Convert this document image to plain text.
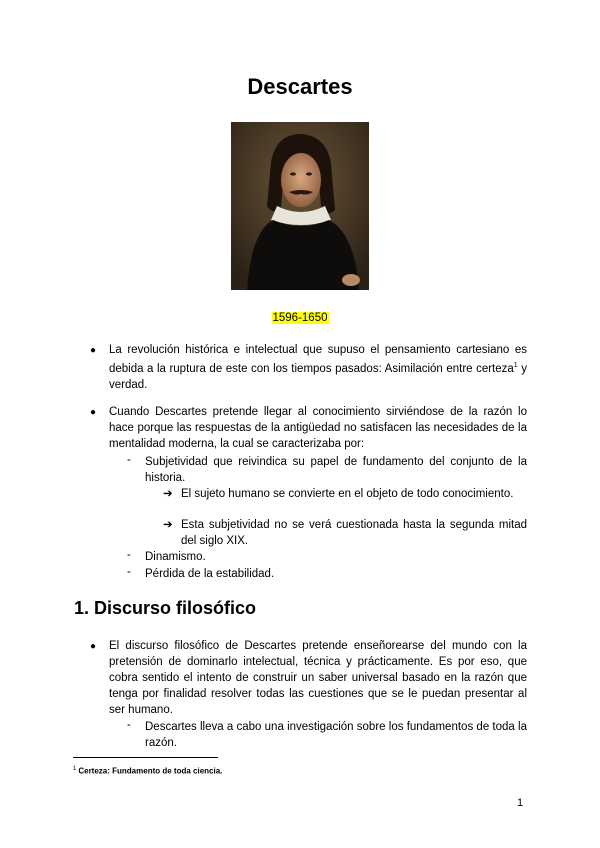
Descartes
1596-1650
● La revolución histórica e intelectual que supuso el pensamiento cartesiano es debida a la ruptura de este con los tiempos pasados: Asimilación entre certeza$^1$ y verdad.
● Cuando Descartes pretende llegar al conocimiento sirviéndose de la razón lo hace porque las respuestas de la antigüedad no satisfacen las necesidades de la mentalidad moderna, la cual se caracterizaba por:
- Subjetividad que reivindica su papel de fundamento del conjunto de la historia.
➔ El sujeto humano se convierte en el objeto de todo conocimiento.
➔ Esta subjetividad no se verá cuestionada hasta la segunda mitad del siglo XIX.
- Dinamismo.
- Pérdida de la estabilidad.
1. Discurso filosófico
● El discurso filosófico de Descartes pretende enseñorearse del mundo con la pretensión de dominarlo intelectual, técnica y prácticamente. Es por eso, que cobra sentido el intento de construir un saber universal basado en la razón que tenga por finalidad resolver todas las cuestiones que se le puedan presentar al ser humano.
- Descartes lleva a cabo una investigación sobre los fundamentos de toda la razón.
$^1$ Certeza: Fundamento de toda ciencia.
1
